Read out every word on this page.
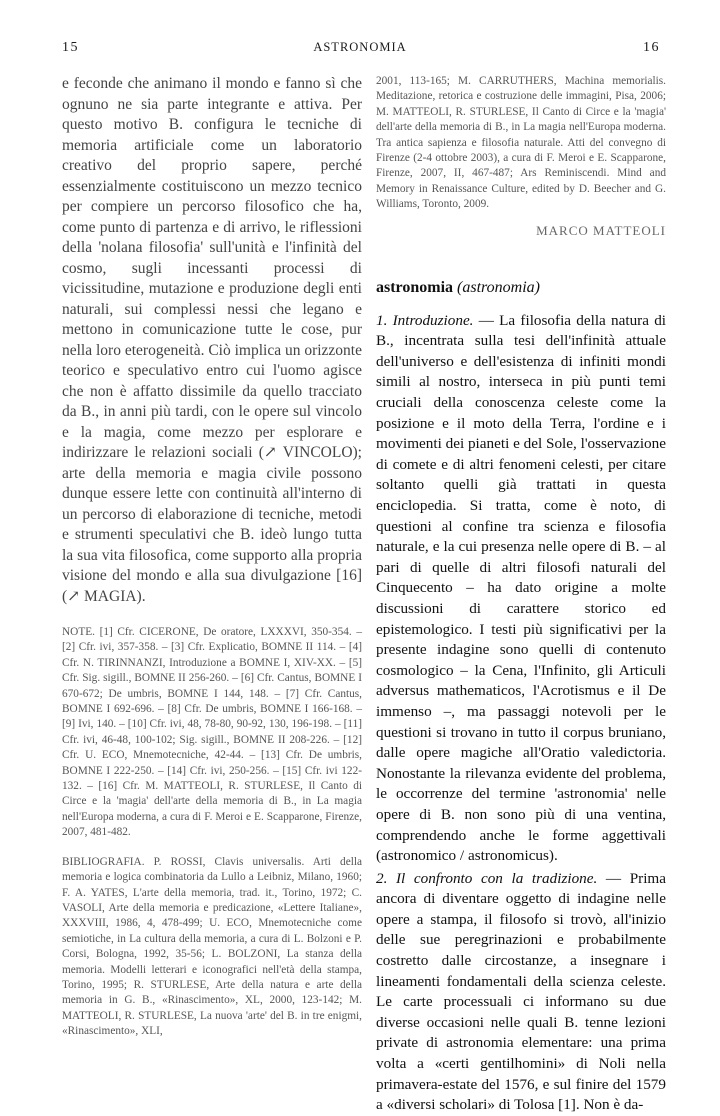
15	ASTRONOMIA	16

e feconde che animano il mondo e fanno sì che ognuno ne sia parte integrante e attiva. Per questo motivo B. configura le tecniche di memoria artificiale come un laboratorio creativo del proprio sapere, perché essenzialmente costituiscono un mezzo tecnico per compiere un percorso filosofico che ha, come punto di partenza e di arrivo, le riflessioni della 'nolana filosofia' sull'unità e l'infinità del cosmo, sugli incessanti processi di vicissitudine, mutazione e produzione degli enti naturali, sui complessi nessi che legano e mettono in comunicazione tutte le cose, pur nella loro eterogeneità. Ciò implica un orizzonte teorico e speculativo entro cui l'uomo agisce che non è affatto dissimile da quello tracciato da B., in anni più tardi, con le opere sul vincolo e la magia, come mezzo per esplorare e indirizzare le relazioni sociali (↗ VINCOLO); arte della memoria e magia civile possono dunque essere lette con continuità all'interno di un percorso di elaborazione di tecniche, metodi e strumenti speculativi che B. ideò lungo tutta la sua vita filosofica, come supporto alla propria visione del mondo e alla sua divulgazione [16] (↗ MAGIA).

NOTE. [1] Cfr. CICERONE, De oratore, LXXXVI, 350-354. – [2] Cfr. ivi, 357-358. – [3] Cfr. Explicatio, BOMNE II 114. – [4] Cfr. N. TIRINNANZI, Introduzione a BOMNE I, XIV-XX. – [5] Cfr. Sig. sigill., BOMNE II 256-260. – [6] Cfr. Cantus, BOMNE I 670-672; De umbris, BOMNE I 144, 148. – [7] Cfr. Cantus, BOMNE I 692-696. – [8] Cfr. De umbris, BOMNE I 166-168. – [9] Ivi, 140. – [10] Cfr. ivi, 48, 78-80, 90-92, 130, 196-198. – [11] Cfr. ivi, 46-48, 100-102; Sig. sigill., BOMNE II 208-226. – [12] Cfr. U. ECO, Mnemotecniche, 42-44. – [13] Cfr. De umbris, BOMNE I 222-250. – [14] Cfr. ivi, 250-256. – [15] Cfr. ivi 122-132. – [16] Cfr. M. MATTEOLI, R. STURLESE, Il Canto di Circe e la 'magia' dell'arte della memoria di B., in La magia nell'Europa moderna, a cura di F. Meroi e E. Scapparone, Firenze, 2007, 481-482.

BIBLIOGRAFIA. P. ROSSI, Clavis universalis. Arti della memoria e logica combinatoria da Lullo a Leibniz, Milano, 1960; F. A. YATES, L'arte della memoria, trad. it., Torino, 1972; C. VASOLI, Arte della memoria e predicazione, «Lettere Italiane», XXXVIII, 1986, 4, 478-499; U. ECO, Mnemotecniche come semiotiche, in La cultura della memoria, a cura di L. Bolzoni e P. Corsi, Bologna, 1992, 35-56; L. BOLZONI, La stanza della memoria. Modelli letterari e iconografici nell'età della stampa, Torino, 1995; R. STURLESE, Arte della natura e arte della memoria in G. B., «Rinascimento», XL, 2000, 123-142; M. MATTEOLI, R. STURLESE, La nuova 'arte' del B. in tre enigmi, «Rinascimento», XLI,

2001, 113-165; M. CARRUTHERS, Machina memorialis. Meditazione, retorica e costruzione delle immagini, Pisa, 2006; M. MATTEOLI, R. STURLESE, Il Canto di Circe e la 'magia' dell'arte della memoria di B., in La magia nell'Europa moderna. Tra antica sapienza e filosofia naturale. Atti del convegno di Firenze (2-4 ottobre 2003), a cura di F. Meroi e E. Scapparone, Firenze, 2007, II, 467-487; Ars Reminiscendi. Mind and Memory in Renaissance Culture, edited by D. Beecher and G. Williams, Toronto, 2009.

MARCO MATTEOLI

astronomia (astronomia)

1. Introduzione. — La filosofia della natura di B., incentrata sulla tesi dell'infinità attuale dell'universo e dell'esistenza di infiniti mondi simili al nostro, interseca in più punti temi cruciali della conoscenza celeste come la posizione e il moto della Terra, l'ordine e i movimenti dei pianeti e del Sole, l'osservazione di comete e di altri fenomeni celesti, per citare soltanto quelli già trattati in questa enciclopedia. Si tratta, come è noto, di questioni al confine tra scienza e filosofia naturale, e la cui presenza nelle opere di B. – al pari di quelle di altri filosofi naturali del Cinquecento – ha dato origine a molte discussioni di carattere storico ed epistemologico. I testi più significativi per la presente indagine sono quelli di contenuto cosmologico – la Cena, l'Infinito, gli Articuli adversus mathematicos, l'Acrotismus e il De immenso –, ma passaggi notevoli per le questioni si trovano in tutto il corpus bruniano, dalle opere magiche all'Oratio valedictoria. Nonostante la rilevanza evidente del problema, le occorrenze del termine 'astronomia' nelle opere di B. non sono più di una ventina, comprendendo anche le forme aggettivali (astronomico / astronomicus).

2. Il confronto con la tradizione. — Prima ancora di diventare oggetto di indagine nelle opere a stampa, il filosofo si trovò, all'inizio delle sue peregrinazioni e probabilmente costretto dalle circostanze, a insegnare i lineamenti fondamentali della scienza celeste. Le carte processuali ci informano su due diverse occasioni nelle quali B. tenne lezioni private di astronomia elementare: una prima volta a «certi gentilhomini» di Noli nella primavera-estate del 1576, e sul finire del 1579 a «diversi scholari» di Tolosa [1]. Non è da-
